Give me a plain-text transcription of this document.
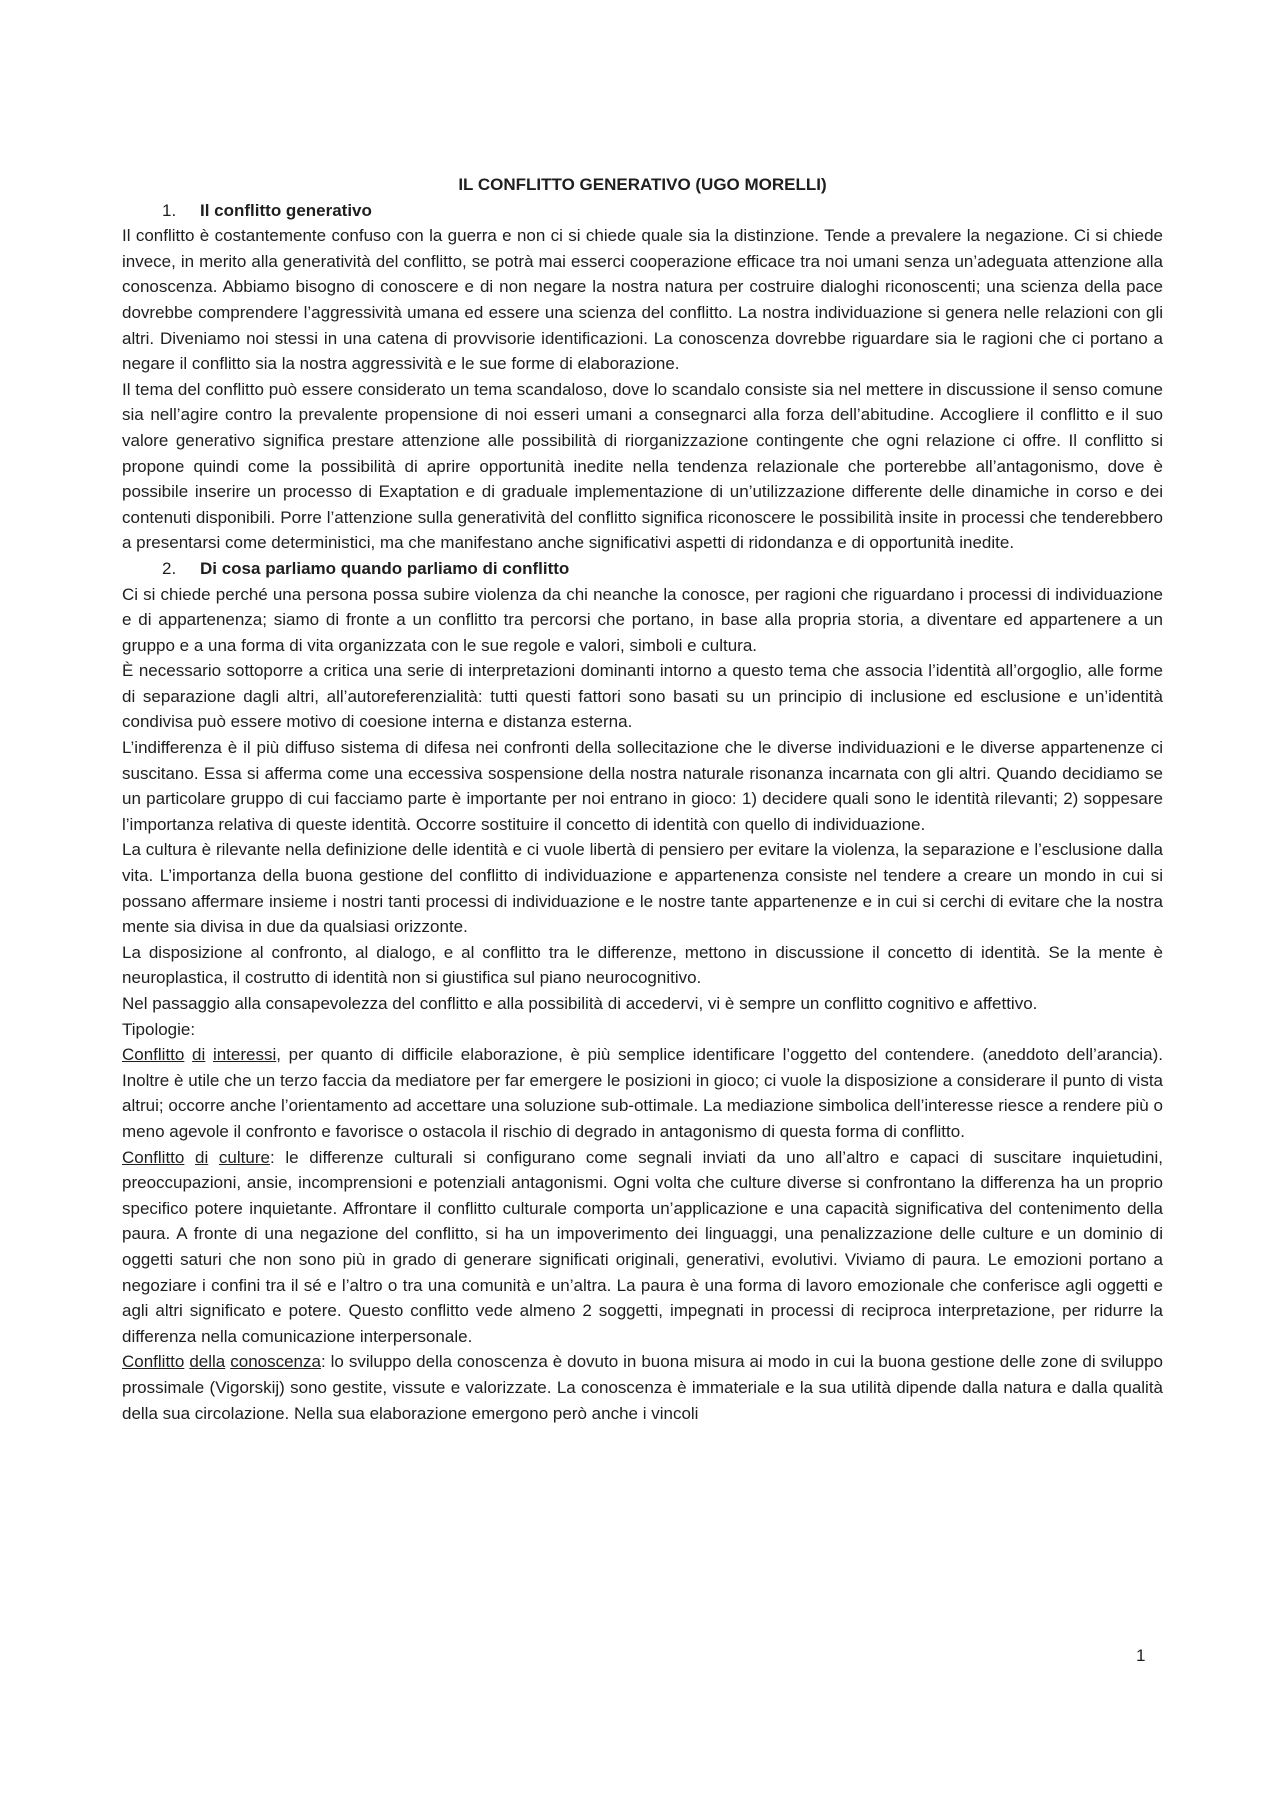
IL CONFLITTO GENERATIVO (UGO MORELLI)

1. Il conflitto generativo

Il conflitto è costantemente confuso con la guerra e non ci si chiede quale sia la distinzione. Tende a prevalere la negazione. Ci si chiede invece, in merito alla generatività del conflitto, se potrà mai esserci cooperazione efficace tra noi umani senza un’adeguata attenzione alla conoscenza. Abbiamo bisogno di conoscere e di non negare la nostra natura per costruire dialoghi riconoscenti; una scienza della pace dovrebbe comprendere l’aggressività umana ed essere una scienza del conflitto. La nostra individuazione si genera nelle relazioni con gli altri. Diveniamo noi stessi in una catena di provvisorie identificazioni. La conoscenza dovrebbe riguardare sia le ragioni che ci portano a negare il conflitto sia la nostra aggressività e le sue forme di elaborazione.

Il tema del conflitto può essere considerato un tema scandaloso, dove lo scandalo consiste sia nel mettere in discussione il senso comune sia nell’agire contro la prevalente propensione di noi esseri umani a consegnarci alla forza dell’abitudine. Accogliere il conflitto e il suo valore generativo significa prestare attenzione alle possibilità di riorganizzazione contingente che ogni relazione ci offre. Il conflitto si propone quindi come la possibilità di aprire opportunità inedite nella tendenza relazionale che porterebbe all’antagonismo, dove è possibile inserire un processo di Exaptation e di graduale implementazione di un’utilizzazione differente delle dinamiche in corso e dei contenuti disponibili. Porre l’attenzione sulla generatività del conflitto significa riconoscere le possibilità insite in processi che tenderebbero a presentarsi come deterministici, ma che manifestano anche significativi aspetti di ridondanza e di opportunità inedite.

2. Di cosa parliamo quando parliamo di conflitto

Ci si chiede perché una persona possa subire violenza da chi neanche la conosce, per ragioni che riguardano i processi di individuazione e di appartenenza; siamo di fronte a un conflitto tra percorsi che portano, in base alla propria storia, a diventare ed appartenere a un gruppo e a una forma di vita organizzata con le sue regole e valori, simboli e cultura.

È necessario sottoporre a critica una serie di interpretazioni dominanti intorno a questo tema che associa l’identità all’orgoglio, alle forme di separazione dagli altri, all’autoreferenzialità: tutti questi fattori sono basati su un principio di inclusione ed esclusione e un’identità condivisa può essere motivo di coesione interna e distanza esterna.

L’indifferenza è il più diffuso sistema di difesa nei confronti della sollecitazione che le diverse individuazioni e le diverse appartenenze ci suscitano. Essa si afferma come una eccessiva sospensione della nostra naturale risonanza incarnata con gli altri. Quando decidiamo se un particolare gruppo di cui facciamo parte è importante per noi entrano in gioco: 1) decidere quali sono le identità rilevanti; 2) soppesare l’importanza relativa di queste identità. Occorre sostituire il concetto di identità con quello di individuazione.

La cultura è rilevante nella definizione delle identità e ci vuole libertà di pensiero per evitare la violenza, la separazione e l’esclusione dalla vita. L’importanza della buona gestione del conflitto di individuazione e appartenenza consiste nel tendere a creare un mondo in cui si possano affermare insieme i nostri tanti processi di individuazione e le nostre tante appartenenze e in cui si cerchi di evitare che la nostra mente sia divisa in due da qualsiasi orizzonte.

La disposizione al confronto, al dialogo, e al conflitto tra le differenze, mettono in discussione il concetto di identità. Se la mente è neuroplastica, il costrutto di identità non si giustifica sul piano neurocognitivo.

Nel passaggio alla consapevolezza del conflitto e alla possibilità di accedervi, vi è sempre un conflitto cognitivo e affettivo.

Tipologie:

Conflitto di interessi, per quanto di difficile elaborazione, è più semplice identificare l’oggetto del contendere. (aneddoto dell’arancia). Inoltre è utile che un terzo faccia da mediatore per far emergere le posizioni in gioco; ci vuole la disposizione a considerare il punto di vista altrui; occorre anche l’orientamento ad accettare una soluzione sub-ottimale. La mediazione simbolica dell’interesse riesce a rendere più o meno agevole il confronto e favorisce o ostacola il rischio di degrado in antagonismo di questa forma di conflitto.

Conflitto di culture: le differenze culturali si configurano come segnali inviati da uno all’altro e capaci di suscitare inquietudini, preoccupazioni, ansie, incomprensioni e potenziali antagonismi. Ogni volta che culture diverse si confrontano la differenza ha un proprio specifico potere inquietante. Affrontare il conflitto culturale comporta un’applicazione e una capacità significativa del contenimento della paura. A fronte di una negazione del conflitto, si ha un impoverimento dei linguaggi, una penalizzazione delle culture e un dominio di oggetti saturi che non sono più in grado di generare significati originali, generativi, evolutivi. Viviamo di paura. Le emozioni portano a negoziare i confini tra il sé e l’altro o tra una comunità e un’altra. La paura è una forma di lavoro emozionale che conferisce agli oggetti e agli altri significato e potere. Questo conflitto vede almeno 2 soggetti, impegnati in processi di reciproca interpretazione, per ridurre la differenza nella comunicazione interpersonale.

Conflitto della conoscenza: lo sviluppo della conoscenza è dovuto in buona misura ai modo in cui la buona gestione delle zone di sviluppo prossimale (Vigorskij) sono gestite, vissute e valorizzate. La conoscenza è immateriale e la sua utilità dipende dalla natura e dalla qualità della sua circolazione. Nella sua elaborazione emergono però anche i vincoli

1
